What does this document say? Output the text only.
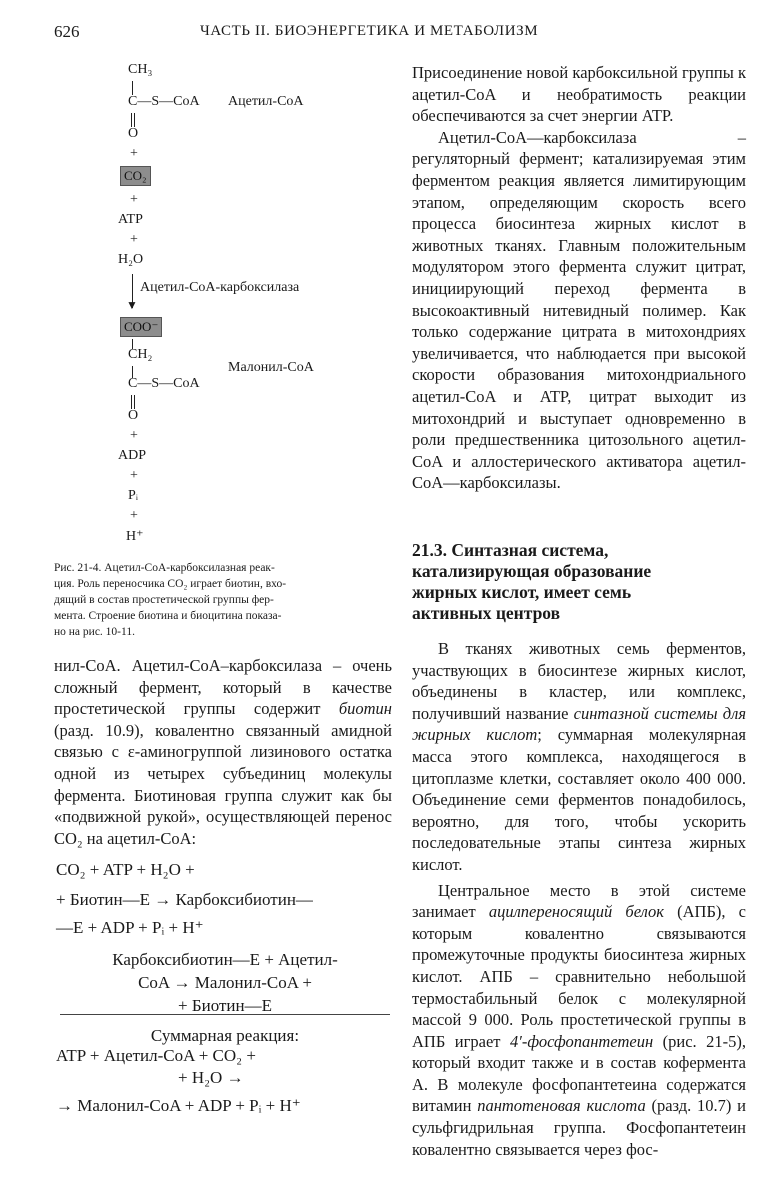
626	ЧАСТЬ II. БИОЭНЕРГЕТИКА И МЕТАБОЛИЗМ
CH₃
C—S—CoA Ацетил-CoA
O
+
CO₂
+
ATP
+
H₂O
▼
Ацетил-CoA-карбоксилаза
COO⁻
CH₂
Малонил-CoA
C—S—CoA
O
+
ADP
+
Pᵢ
+
H⁺

Рис. 21-4. Ацетил-CoA-карбоксилазная реак-

ция. Роль переносчика CO₂ играет биотин, вхо-

дящий в состав простетической группы фер-

мента. Строение биотина и биоцитина показа-

но на рис. 10-11.

нил-CoA. Ацетил-CoA–карбоксилаза – очень сложный фермент, который в качестве простетической группы содержит биотин (разд. 10.9), ковалентно связанный амидной связью с ε-аминогруппой лизинового остатка одной из четырех субъединиц молекулы фермента. Биотиновая группа служит как бы «подвижной рукой», осуществляющей перенос CO₂ на ацетил-CoA:

CO₂ + ATP + H₂O +
+ Биотин—E → Карбоксибиотин—
—E + ADP + Pᵢ + H⁺
Карбоксибиотин—E + Ацетил-
CoA → Малонил-CoA +
+ Биотин—E
Суммарная реакция:
ATP + Ацетил-CoA + CO₂ +
+ H₂O →
→ Малонил-CoA + ADP + Pᵢ + H⁺

Присоединение новой карбоксильной группы к ацетил-CoA и необратимость реакции обеспечиваются за счет энергии ATP.

Ацетил-CoA—карбоксилаза – регуляторный фермент; катализируемая этим ферментом реакция является лимитирующим этапом, определяющим скорость всего процесса биосинтеза жирных кислот в животных тканях. Главным положительным модулятором этого фермента служит цитрат, инициирующий переход фермента в высокоактивный нитевидный полимер. Как только содержание цитрата в митохондриях увеличивается, что наблюдается при высокой скорости образования митохондриального ацетил-CoA и ATP, цитрат выходит из митохондрий и выступает одновременно в роли предшественника цитозольного ацетил-CoA и аллостерического активатора ацетил-CoA—карбоксилазы.

21.3. Синтазная система,

катализирующая образование

жирных кислот, имеет семь

активных центров

В тканях животных семь ферментов, участвующих в биосинтезе жирных кислот, объединены в кластер, или комплекс, получивший название синтазной системы для жирных кислот; суммарная молекулярная масса этого комплекса, находящегося в цитоплазме клетки, составляет около 400 000. Объединение семи ферментов понадобилось, вероятно, для того, чтобы ускорить последовательные этапы синтеза жирных кислот.

Центральное место в этой системе занимает ацилпереносящий белок (АПБ), с которым ковалентно связываются промежуточные продукты биосинтеза жирных кислот. АПБ – сравнительно небольшой термостабильный белок с молекулярной массой 9 000. Роль простетической группы в АПБ играет 4′-фосфопантетеин (рис. 21-5), который входит также и в состав кофермента А. В молекуле фосфопантетеина содержатся витамин пантотеновая кислота (разд. 10.7) и сульфгидрильная группа. Фосфопантетеин ковалентно связывается через фос-
